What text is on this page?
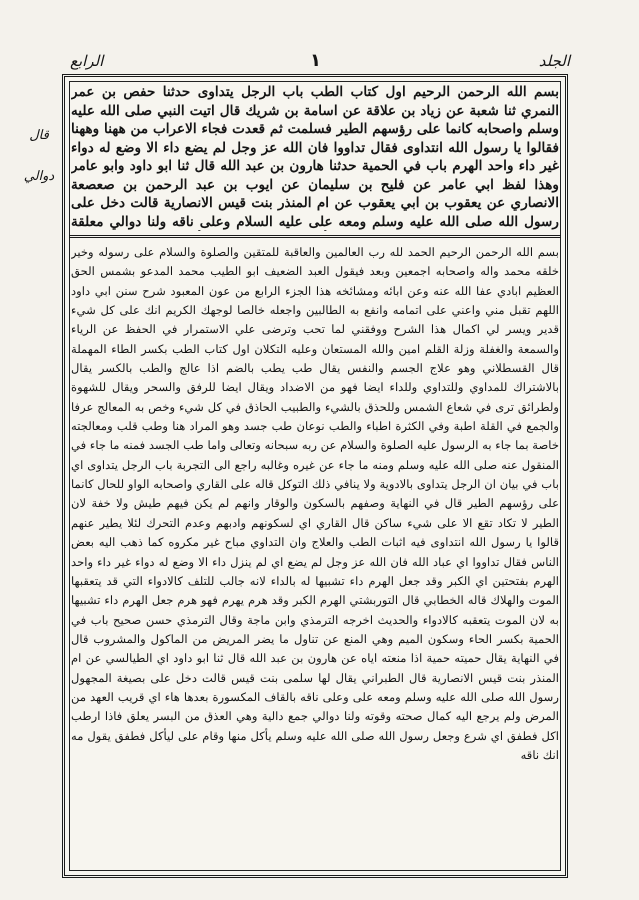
الجلد
١
الرابع
قال
دوالي
بسم الله الرحمن الرحيم اول كتاب الطب باب الرجل يتداوى حدثنا حفص بن عمر النمري ثنا شعبة عن زياد بن علاقة عن اسامة بن شريك قال اتيت النبي صلى الله عليه وسلم واصحابه كانما على رؤسهم الطير فسلمت ثم قعدت فجاء الاعراب من ههنا وههنا فقالوا يا رسول الله انتداوى فقال تداووا فان الله عز وجل لم يضع داء الا وضع له دواء غير داء واحد الهرم باب في الحمية حدثنا هارون بن عبد الله قال ثنا ابو داود وابو عامر وهذا لفظ ابي عامر عن فليح بن سليمان عن ايوب بن عبد الرحمن بن صعصعة الانصاري عن يعقوب بن ابي يعقوب عن ام المنذر بنت قيس الانصارية قالت دخل على رسول الله صلى الله عليه وسلم ومعه على عليه السلام وعلى ناقه ولنا دوالي معلقة
بسم الله الرحمن الرحيم الحمد لله رب العالمين والعاقبة للمتقين والصلوة والسلام على رسوله وخير خلقه محمد واله واصحابه اجمعين وبعد فيقول العبد الضعيف ابو الطيب محمد المدعو بشمس الحق العظيم ابادي عفا الله عنه وعن ابائه ومشائخه هذا الجزء الرابع من عون المعبود شرح سنن ابي داود اللهم تقبل مني واعني على اتمامه وانفع به الطالبين واجعله خالصا لوجهك الكريم انك على كل شيء قدير ويسر لي اكمال هذا الشرح ووفقني لما تحب وترضى علي الاستمرار في الحفظ عن الرياء والسمعة والغفلة وزلة القلم امين والله المستعان وعليه التكلان اول كتاب الطب بكسر الطاء المهملة قال القسطلاني وهو علاج الجسم والنفس يقال طب يطب بالضم اذا عالج والطب بالكسر يقال بالاشتراك للمداوي وللتداوي وللداء ايضا فهو من الاضداد ويقال ايضا للرفق والسحر ويقال للشهوة ولطرائق ترى في شعاع الشمس وللحذق بالشيء والطبيب الحاذق في كل شيء وخص به المعالج عرفا والجمع في القلة اطبة وفي الكثرة اطباء والطب نوعان طب جسد وهو المراد هنا وطب قلب ومعالجته خاصة بما جاء به الرسول عليه الصلوة والسلام عن ربه سبحانه وتعالى واما طب الجسد فمنه ما جاء في المنقول عنه صلى الله عليه وسلم ومنه ما جاء عن غيره وغالبه راجع الى التجربة باب الرجل يتداوى اي باب في بيان ان الرجل يتداوى بالادوية ولا ينافي ذلك التوكل قاله على القاري واصحابه الواو للحال كانما على رؤسهم الطير قال في النهاية وصفهم بالسكون والوقار وانهم لم يكن فيهم طيش ولا خفة لان الطير لا تكاد تقع الا على شيء ساكن قال القاري اي لسكونهم وادبهم وعدم التحرك لئلا يطير عنهم قالوا يا رسول الله انتداوى فيه اثبات الطب والعلاج وان التداوي مباح غير مكروه كما ذهب اليه بعض الناس فقال تداووا اي عباد الله فان الله عز وجل لم يضع اي لم ينزل داء الا وضع له دواء غير داء واحد الهرم بفتحتين اي الكبر وقد جعل الهرم داء تشبيها له بالداء لانه جالب للتلف كالادواء التي قد يتعقبها الموت والهلاك قاله الخطابي قال التوربشتي الهرم الكبر وقد هرم يهرم فهو هرم جعل الهرم داء تشبيها به لان الموت يتعقبه كالادواء والحديث اخرجه الترمذي وابن ماجة وقال الترمذي حسن صحيح باب في الحمية بكسر الحاء وسكون الميم وهي المنع عن تناول ما يضر المريض من الماكول والمشروب قال في النهاية يقال حميته حمية اذا منعته اياه عن هارون بن عبد الله قال ثنا ابو داود اي الطيالسي عن ام المنذر بنت قيس الانصارية قال الطبراني يقال لها سلمى بنت قيس قالت دخل على بصيغة المجهول رسول الله صلى الله عليه وسلم ومعه على وعلى ناقه بالقاف المكسورة بعدها هاء اي قريب العهد من المرض ولم يرجع اليه كمال صحته وقوته ولنا دوالي جمع دالية وهي العذق من البسر يعلق فاذا ارطب اكل فطفق اي شرع وجعل رسول الله صلى الله عليه وسلم يأكل منها وقام على ليأكل فطفق يقول مه انك ناقه
